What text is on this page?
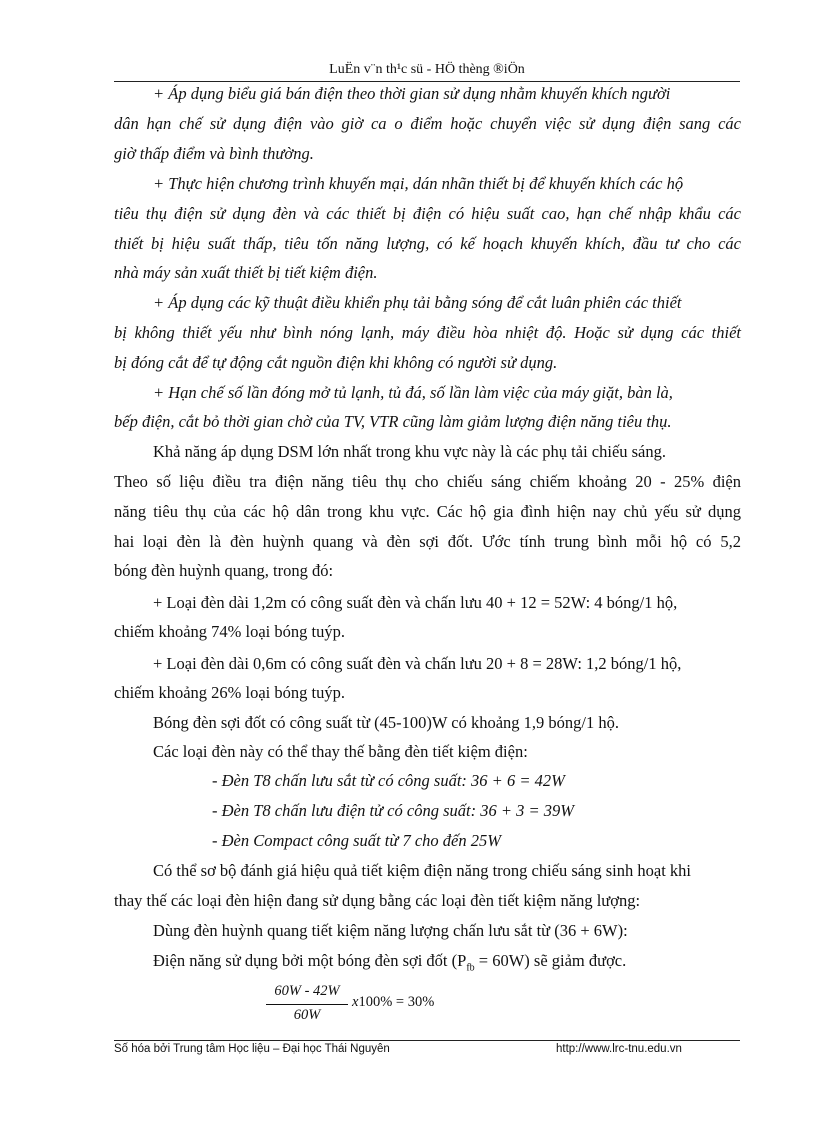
LuËn v¨n th¹c sü - HÖ thèng ®iÖn
+ Áp dụng biểu giá bán điện theo thời gian sử dụng nhằm khuyến khích người
dân hạn chế sử dụng điện vào giờ ca o điểm hoặc chuyển việc sử dụng điện sang các
giờ thấp điểm và bình thường.
+ Thực hiện chương trình khuyến mại, dán nhãn thiết bị để khuyến khích các hộ
tiêu thụ điện sử dụng đèn và các thiết bị điện có hiệu suất cao, hạn chế nhập khẩu các
thiết bị hiệu suất thấp, tiêu tốn năng lượng, có kế hoạch khuyến khích, đầu tư cho các
nhà máy sản xuất thiết bị tiết kiệm điện.
+ Áp dụng các kỹ thuật điều khiển phụ tải bằng sóng để cắt luân phiên các thiết
bị không thiết yếu như bình nóng lạnh, máy điều hòa nhiệt độ. Hoặc sử dụng các thiết
bị đóng cắt để tự động cắt nguồn điện khi không có người sử dụng.
+ Hạn chế số lần đóng mở tủ lạnh, tủ đá, số lần làm việc của máy giặt, bàn là,
bếp điện, cắt bỏ thời gian chờ của TV, VTR cũng làm giảm lượng điện năng tiêu thụ.
Khả năng áp dụng DSM lớn nhất trong khu vực này là các phụ tải chiếu sáng.
Theo số liệu điều tra điện năng tiêu thụ cho chiếu sáng chiếm khoảng 20 - 25% điện
năng tiêu thụ của các hộ dân trong khu vực. Các hộ gia đình hiện nay chủ yếu sử dụng
hai loại đèn là đèn huỳnh quang và đèn sợi đốt. Ước tính trung bình mỗi hộ có 5,2
bóng đèn huỳnh quang, trong đó:
+ Loại đèn dài 1,2m có công suất đèn và chấn lưu 40 + 12 = 52W: 4 bóng/1 hộ,
chiếm khoảng 74% loại bóng tuýp.
+ Loại đèn dài 0,6m có công suất đèn và chấn lưu 20 + 8 = 28W: 1,2 bóng/1 hộ,
chiếm khoảng 26% loại bóng tuýp.
Bóng đèn sợi đốt có công suất từ (45-100)W có khoảng 1,9 bóng/1 hộ.
Các loại đèn này có thể thay thế bằng đèn tiết kiệm điện:
- Đèn T8 chấn lưu sắt từ có công suất: 36 + 6 = 42W
- Đèn T8 chấn lưu điện tử có công suất: 36 + 3 = 39W
- Đèn Compact công suất từ 7 cho đến 25W
Có thể sơ bộ đánh giá hiệu quả tiết kiệm điện năng trong chiếu sáng sinh hoạt khi
thay thế các loại đèn hiện đang sử dụng bằng các loại đèn tiết kiệm năng lượng:
Dùng đèn huỳnh quang tiết kiệm năng lượng chấn lưu sắt từ (36 + 6W):
Điện năng sử dụng bởi một bóng đèn sợi đốt $(P_{fb} = 60W)$ sẽ giảm được.
60W - 42W
60W
x100% = 30%
Số hóa bởi Trung tâm Học liệu – Đại học Thái Nguyên	http://www.lrc-tnu.edu.vn
